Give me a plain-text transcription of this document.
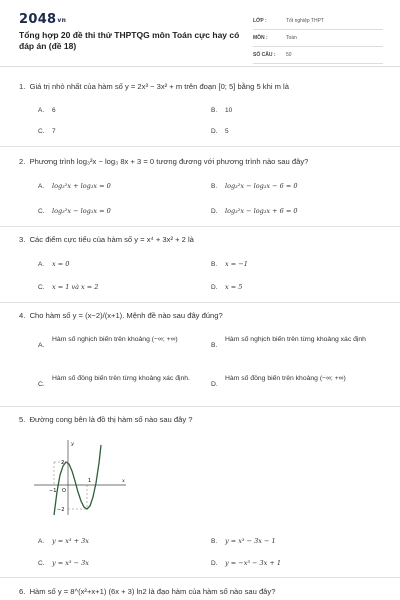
2048vn
Tổng hợp 20 đề thi thử THPTQG môn Toán cực hay có đáp án (đề 18)
LỚP :	Tốt nghiệp THPT
MÔN :	Toán
SỐ CÂU :	50
1. Giá trị nhỏ nhất của hàm số y = 2x³ − 3x² + m trên đoạn [0; 5] bằng 5 khi m là
A. 6	B. 10
C. 7	D. 5
2. Phương trình log₃²x − log₃ 8x + 3 = 0 tương đương với phương trình nào sau đây?
A. log₃²x + log₃x = 0	B. log₃²x − log₃x − 6 = 0
C. log₃²x − log₃x = 0	D. log₃²x − log₃x + 6 = 0
3. Các điểm cực tiểu của hàm số y = x⁴ + 3x² + 2 là
A. x = 0	B. x = −1
C. x = 1 và x = 2	D. x = 5
4. Cho hàm số y = (x−2)/(x+1). Mệnh đề nào sau đây đúng?
A.
Hàm số nghịch biến trên khoảng (−∞; +∞)
B.
Hàm số nghịch biến trên từng khoảng xác định
C.
Hàm số đồng biến trên từng khoảng xác định.
D.
Hàm số đồng biến trên khoảng (−∞; +∞)
5. Đường cong bên là đồ thị hàm số nào sau đây ?
y
x
2
−1 O
1
−2
A. y = x³ + 3x	B. y = x³ − 3x − 1
C. y = x³ − 3x	D. y = −x³ − 3x + 1
6. Hàm số y = 8^(x²+x+1) (6x + 3) ln2 là đạo hàm của hàm số nào sau đây?
